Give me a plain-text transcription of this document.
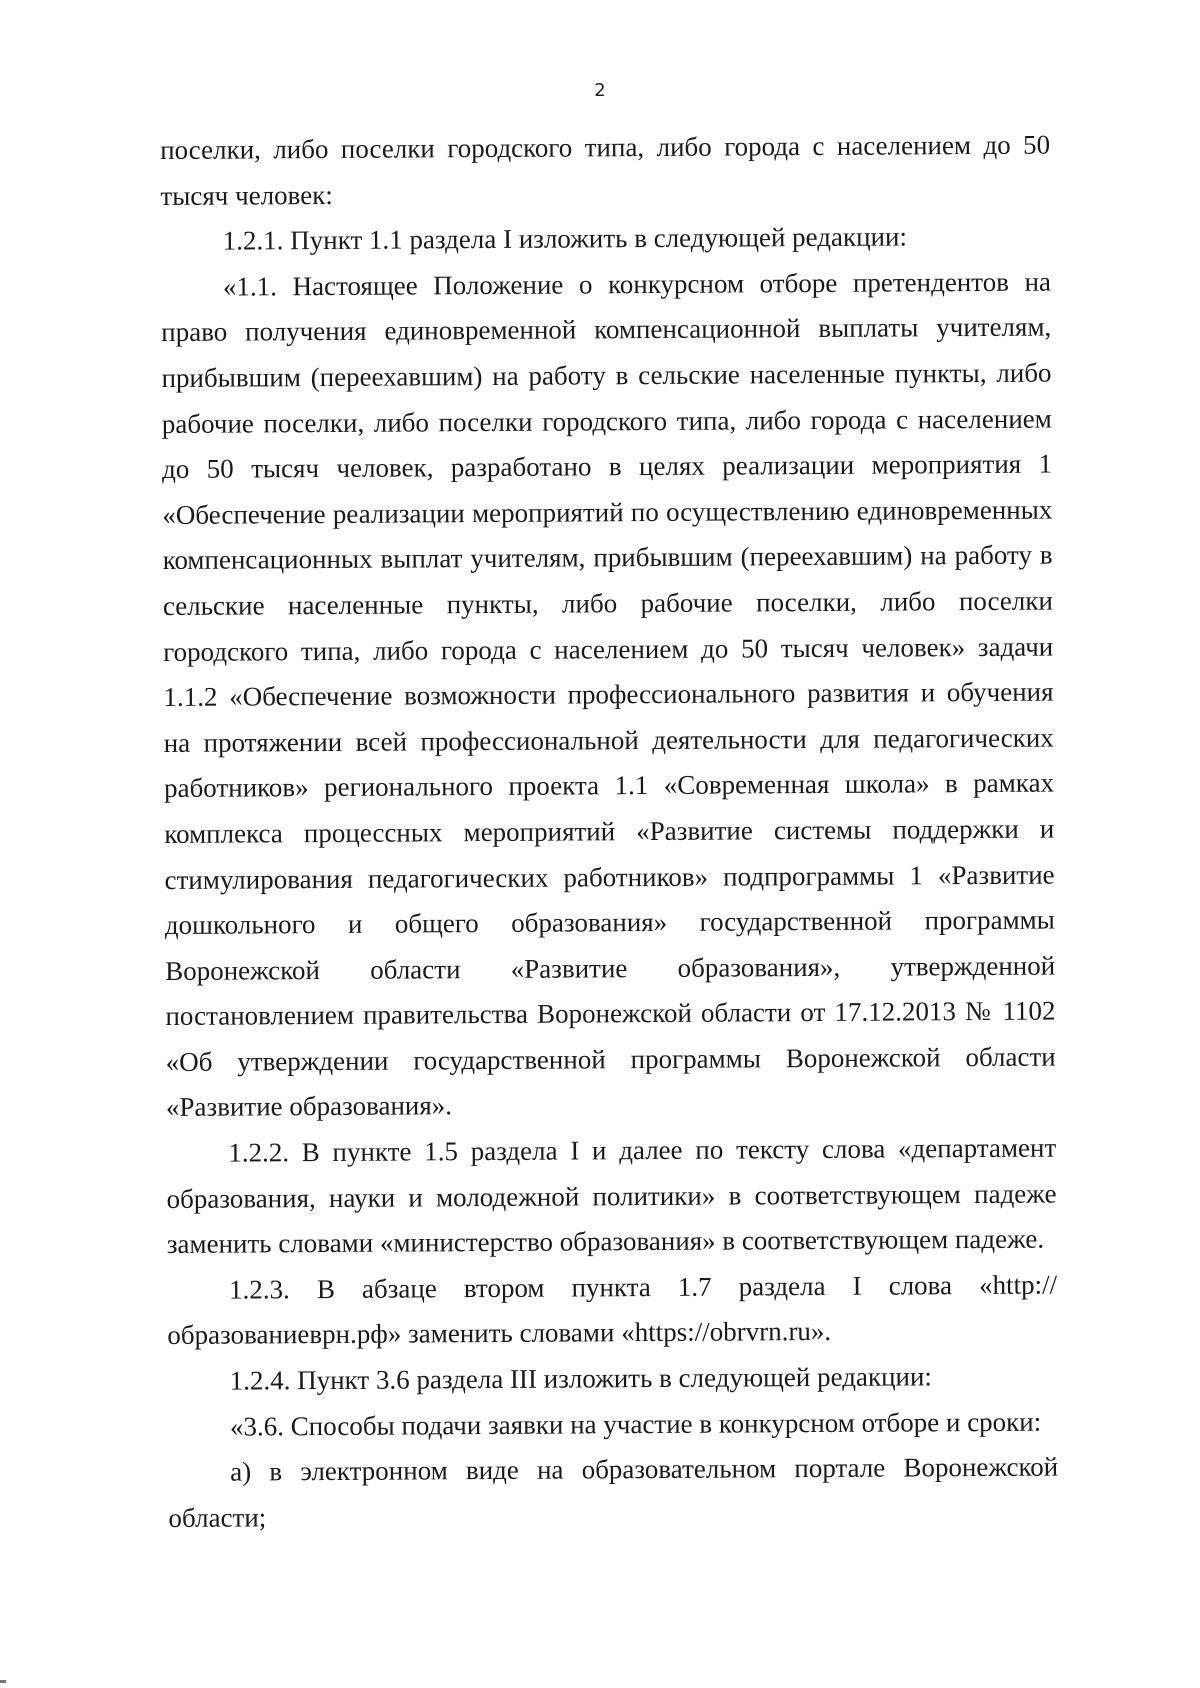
2

поселки, либо поселки городского типа, либо города с населением до 50 тысяч человек:

1.2.1. Пункт 1.1 раздела I изложить в следующей редакции:

«1.1. Настоящее Положение о конкурсном отборе претендентов на право получения единовременной компенсационной выплаты учителям, прибывшим (переехавшим) на работу в сельские населенные пункты, либо рабочие поселки, либо поселки городского типа, либо города с населением до 50 тысяч человек, разработано в целях реализации мероприятия 1 «Обеспечение реализации мероприятий по осуществлению единовременных компенсационных выплат учителям, прибывшим (переехавшим) на работу в сельские населенные пункты, либо рабочие поселки, либо поселки городского типа, либо города с населением до 50 тысяч человек» задачи 1.1.2 «Обеспечение возможности профессионального развития и обучения на протяжении всей профессиональной деятельности для педагогических работников» регионального проекта 1.1 «Современная школа» в рамках комплекса процессных мероприятий «Развитие системы поддержки и стимулирования педагогических работников» подпрограммы 1 «Развитие дошкольного и общего образования» государственной программы Воронежской области «Развитие образования», утвержденной постановлением правительства Воронежской области от 17.12.2013 № 1102 «Об утверждении государственной программы Воронежской области «Развитие образования».

1.2.2. В пункте 1.5 раздела I и далее по тексту слова «департамент образования, науки и молодежной политики» в соответствующем падеже заменить словами «министерство образования» в соответствующем падеже.

1.2.3. В абзаце втором пункта 1.7 раздела I слова «http://образованиеврн.рф» заменить словами «https://obrvrn.ru».

1.2.4. Пункт 3.6 раздела III изложить в следующей редакции:

«3.6. Способы подачи заявки на участие в конкурсном отборе и сроки:

а) в электронном виде на образовательном портале Воронежской области;
